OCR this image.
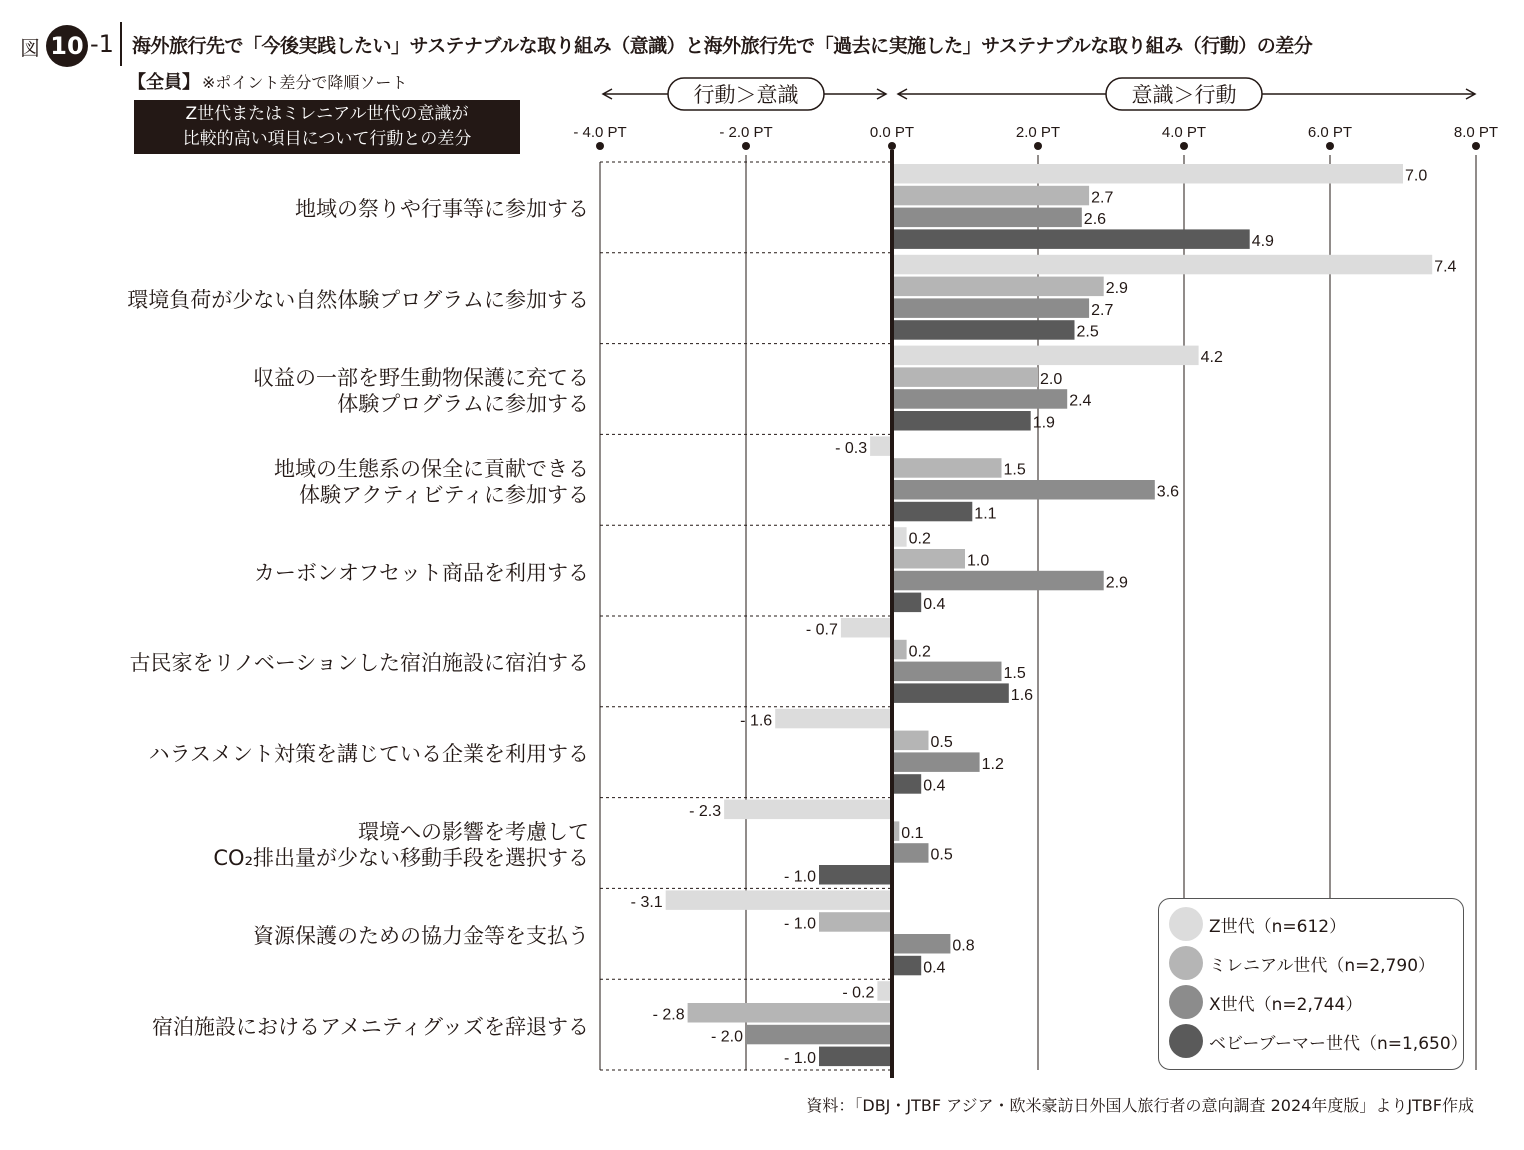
図 10 -1 海外旅行先で「今後実践したい」サステナブルな取り組み（意識）と海外旅行先で「過去に実施した」サステナブルな取り組み（行動）の差分
【全員】 ※ポイント差分で降順ソート
Z世代またはミレニアル世代の意識が
比較的高い項目について行動との差分
地域の祭りや行事等に参加する
環境負荷が少ない自然体験プログラムに参加する
収益の一部を野生動物保護に充てる
体験プログラムに参加する
地域の生態系の保全に貢献できる
体験アクティビティに参加する
カーボンオフセット商品を利用する
古民家をリノベーションした宿泊施設に宿泊する
ハラスメント対策を講じている企業を利用する
環境への影響を考慮して
CO₂排出量が少ない移動手段を選択する
資源保護のための協力金等を支払う
宿泊施設におけるアメニティグッズを辞退する
- 4.0 PT	- 2.0 PT	0.0 PT	2.0 PT	4.0 PT	6.0 PT	8.0 PT
行動＞意識	意識＞行動
7.0
2.7
2.6
4.9
7.4
2.9
2.7
2.5
4.2
2.0
2.4
1.9
- 0.3
1.5
3.6
1.1
0.2
1.0
2.9
0.4
- 0.7
0.2
1.5
1.6
- 1.6
0.5
1.2
0.4
- 2.3
0.1
0.5
- 1.0
- 3.1
- 1.0
0.8
0.4
- 0.2
- 2.8
- 2.0
- 1.0
Z世代（n=612）
ミレニアル世代（n=2,790）
X世代（n=2,744）
ベビーブーマー世代（n=1,650）
資料：「DBJ・JTBF アジア・欧米豪訪日外国人旅行者の意向調査 2024年度版」よりJTBF作成
